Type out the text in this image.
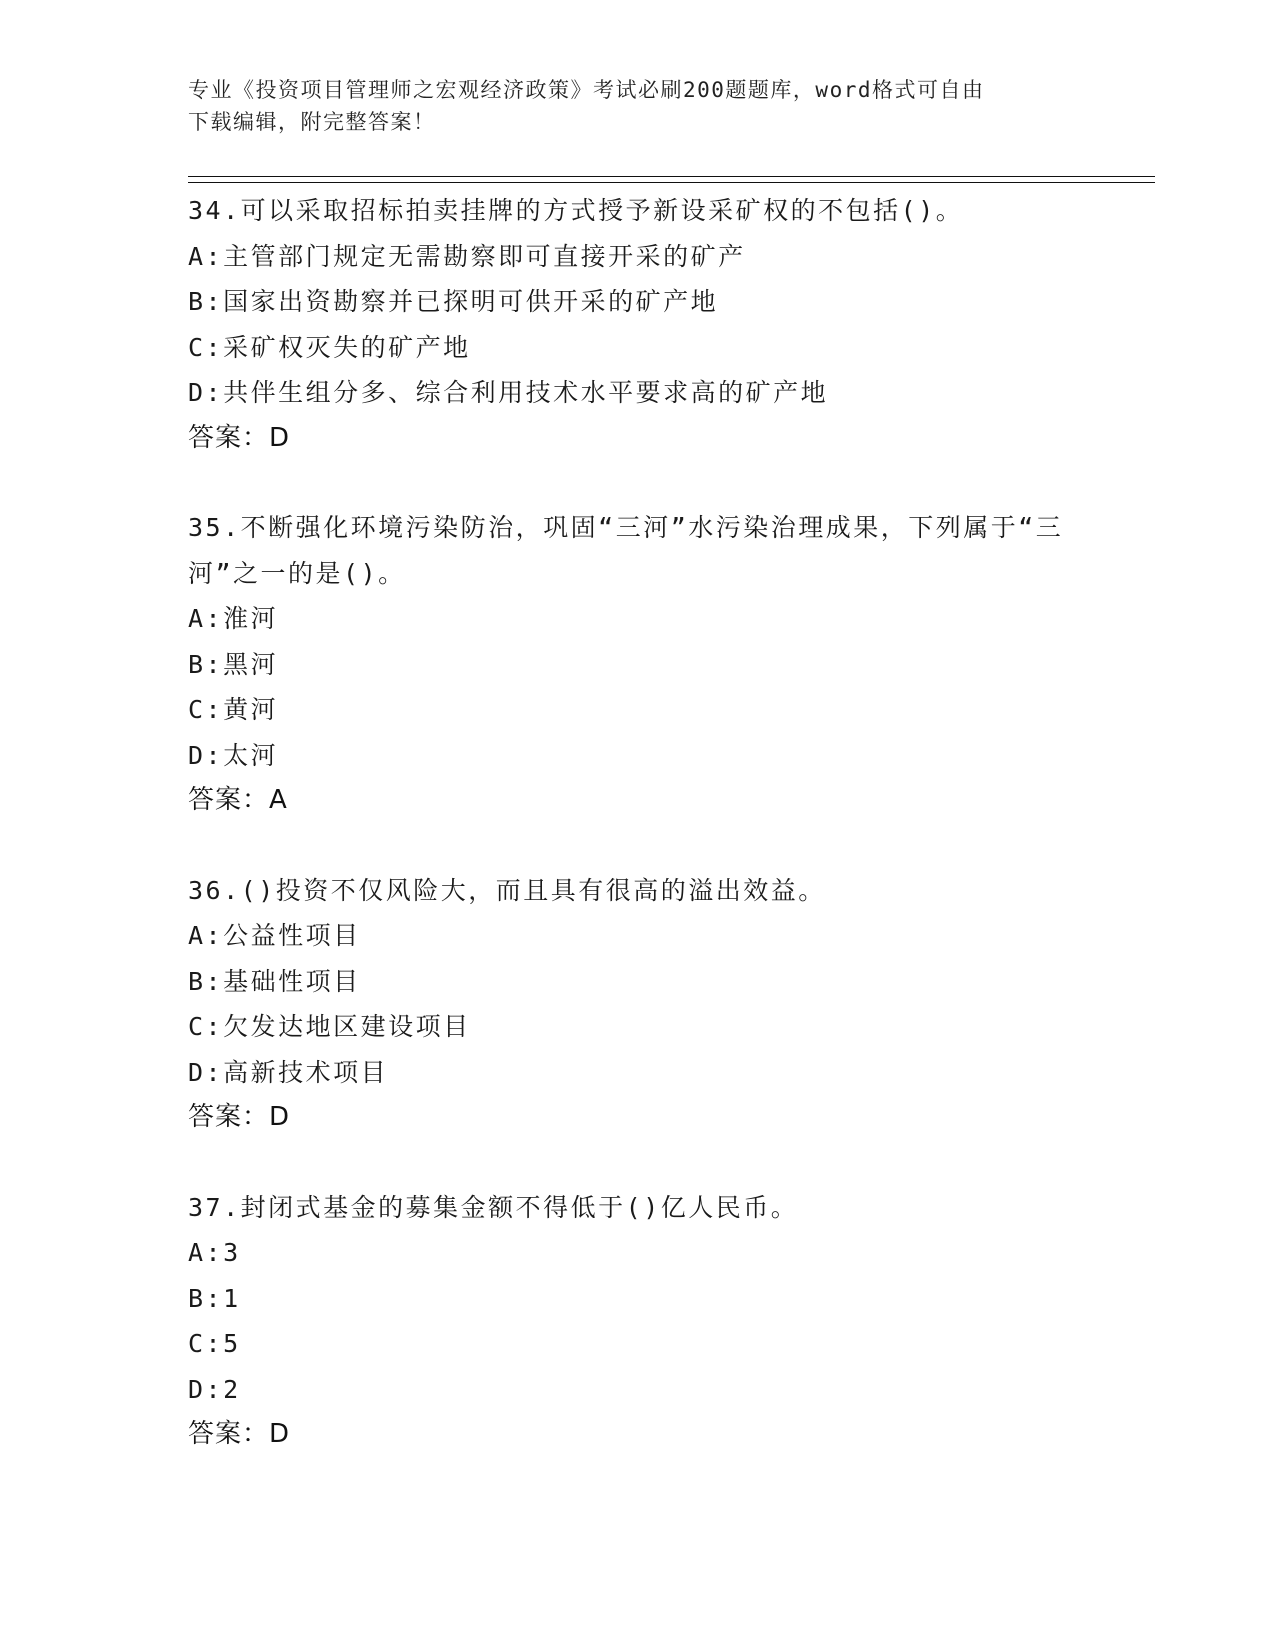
专业《投资项目管理师之宏观经济政策》考试必刷200题题库，word格式可自由
下载编辑，附完整答案！
34.可以采取招标拍卖挂牌的方式授予新设采矿权的不包括()。
A:主管部门规定无需勘察即可直接开采的矿产
B:国家出资勘察并已探明可供开采的矿产地
C:采矿权灭失的矿产地
D:共伴生组分多、综合利用技术水平要求高的矿产地
答案：D
35.不断强化环境污染防治，巩固“三河”水污染治理成果，下列属于“三河”之一的是()。
A:淮河
B:黑河
C:黄河
D:太河
答案：A
36.()投资不仅风险大，而且具有很高的溢出效益。
A:公益性项目
B:基础性项目
C:欠发达地区建设项目
D:高新技术项目
答案：D
37.封闭式基金的募集金额不得低于()亿人民币。
A:3
B:1
C:5
D:2
答案：D
